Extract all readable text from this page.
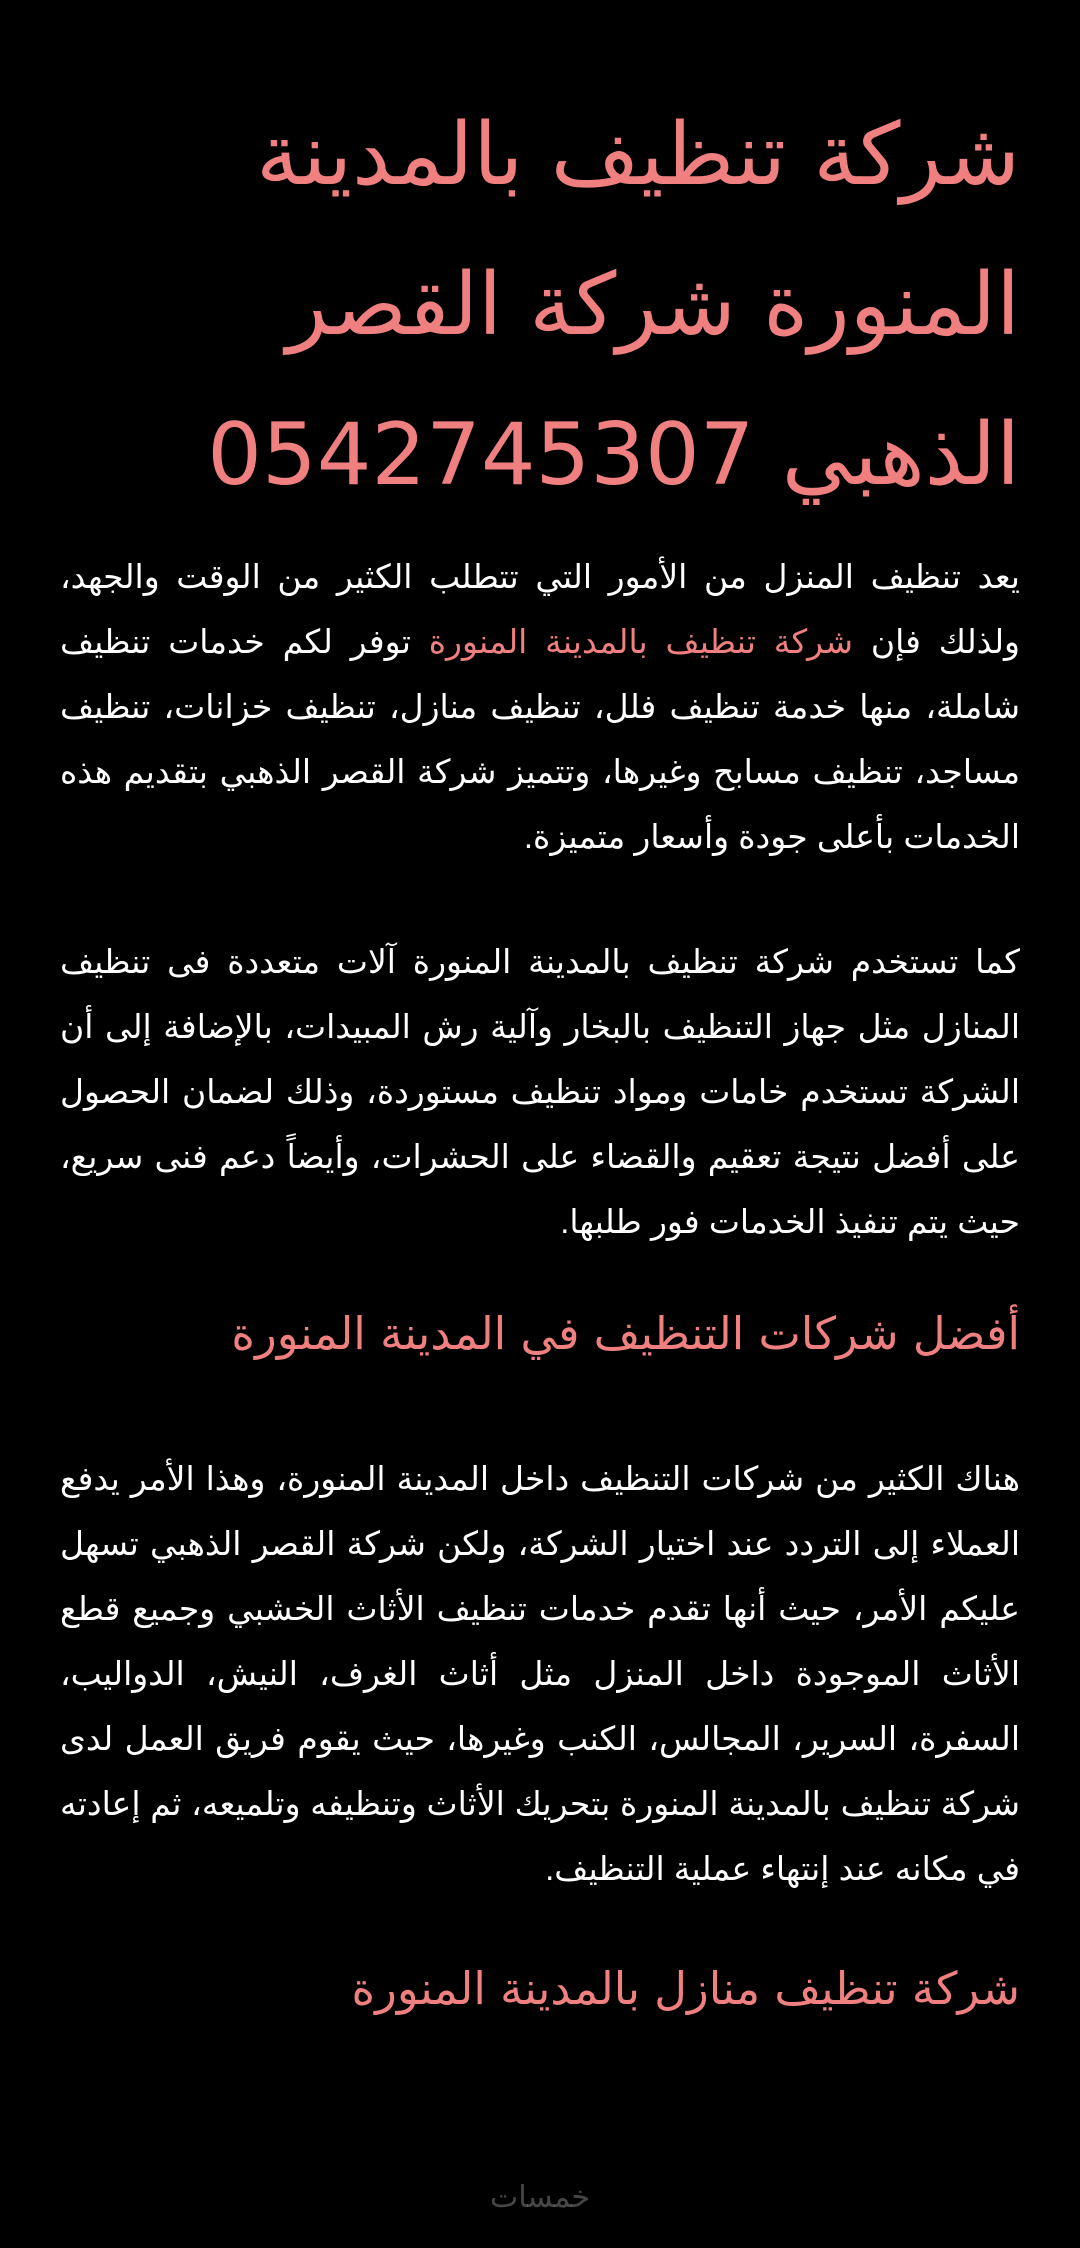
شركة تنظيف بالمدينة المنورة شركة القصر الذهبي 0542745307

يعد تنظيف المنزل من الأمور التي تتطلب الكثير من الوقت والجهد، ولذلك فإن شركة تنظيف بالمدينة المنورة توفر لكم خدمات تنظيف شاملة، منها خدمة تنظيف فلل، تنظيف منازل، تنظيف خزانات، تنظيف مساجد، تنظيف مسابح وغيرها، وتتميز شركة القصر الذهبي بتقديم هذه الخدمات بأعلى جودة وأسعار متميزة.

كما تستخدم شركة تنظيف بالمدينة المنورة آلات متعددة فى تنظيف المنازل مثل جهاز التنظيف بالبخار وآلية رش المبيدات، بالإضافة إلى أن الشركة تستخدم خامات ومواد تنظيف مستوردة، وذلك لضمان الحصول على أفضل نتيجة تعقيم والقضاء على الحشرات، وأيضاً دعم فنى سريع، حيث يتم تنفيذ الخدمات فور طلبها.

أفضل شركات التنظيف في المدينة المنورة

هناك الكثير من شركات التنظيف داخل المدينة المنورة، وهذا الأمر يدفع العملاء إلى التردد عند اختيار الشركة، ولكن شركة القصر الذهبي تسهل عليكم الأمر، حيث أنها تقدم خدمات تنظيف الأثاث الخشبي وجميع قطع الأثاث الموجودة داخل المنزل مثل أثاث الغرف، النيش، الدواليب، السفرة، السرير، المجالس، الكنب وغيرها، حيث يقوم فريق العمل لدى شركة تنظيف بالمدينة المنورة بتحريك الأثاث وتنظيفه وتلميعه، ثم إعادته في مكانه عند إنتهاء عملية التنظيف.

شركة تنظيف منازل بالمدينة المنورة
خمسات
